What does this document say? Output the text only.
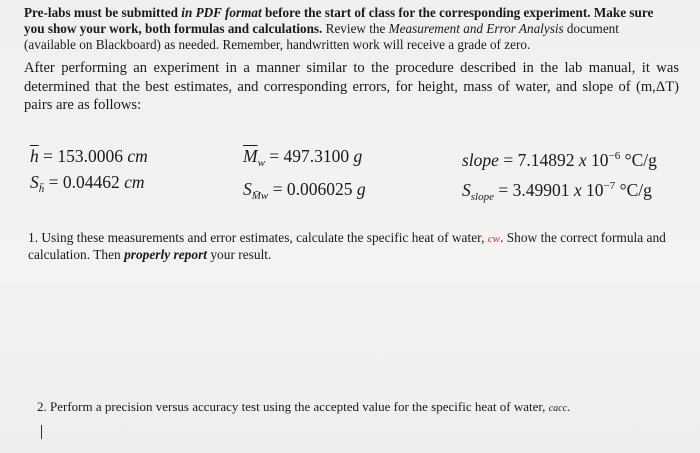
Pre-labs must be submitted in PDF format before the start of class for the corresponding experiment. Make sure you show your work, both formulas and calculations. Review the Measurement and Error Analysis document (available on Blackboard) as needed. Remember, handwritten work will receive a grade of zero.
After performing an experiment in a manner similar to the procedure described in the lab manual, it was determined that the best estimates, and corresponding errors, for height, mass of water, and slope of (m,ΔT) pairs are as follows:
$\overline{h} = 153.0006$ cm
$S_{h̄} = 0.04462$ cm
$\overline{M}_w = 497.3100$ g
$S_{M̄w} = 0.006025$ g
slope = 7.14892 x $10^{-6}$ °C/g
$S_{slope} = 3.49901$ x $10^{-7}$ °C/g
1. Using these measurements and error estimates, calculate the specific heat of water, cw. Show the correct formula and calculation. Then properly report your result.
2. Perform a precision versus accuracy test using the accepted value for the specific heat of water, cacc.
